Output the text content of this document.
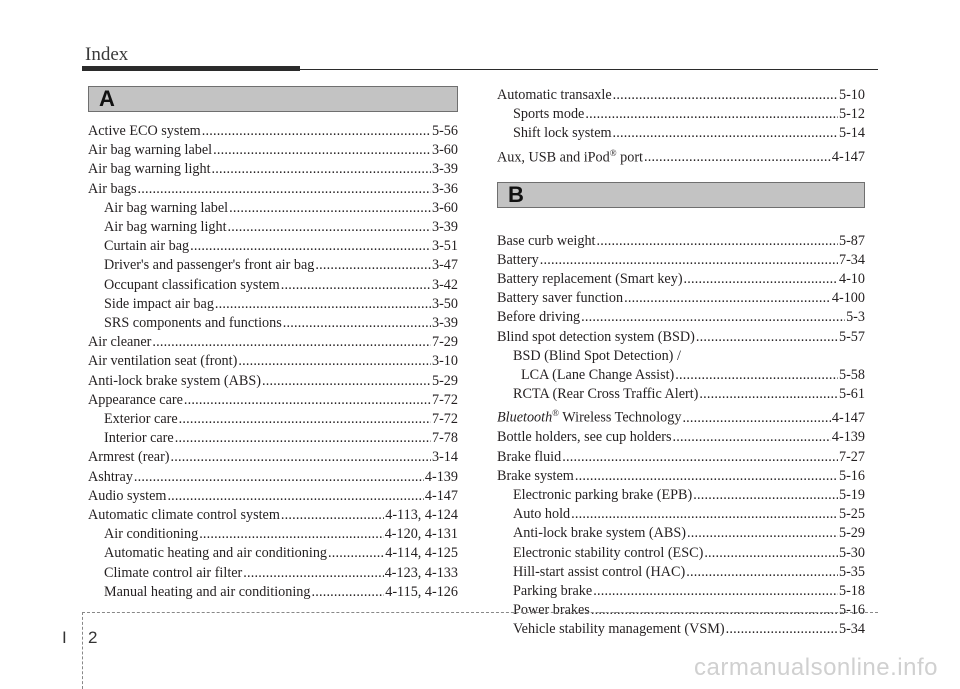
Index
A
Active ECO system .....	5-56
Air bag warning label .....	3-60
Air bag warning light .....	3-39
Air bags .....	3-36
Air bag warning label .....	3-60
Air bag warning light .....	3-39
Curtain air bag .....	3-51
Driver's and passenger's front air bag .....	3-47
Occupant classification system .....	3-42
Side impact air bag .....	3-50
SRS components and functions .....	3-39
Air cleaner .....	7-29
Air ventilation seat (front) .....	3-10
Anti-lock brake system (ABS) .....	5-29
Appearance care .....	7-72
Exterior care .....	7-72
Interior care .....	7-78
Armrest (rear) .....	3-14
Ashtray .....	4-139
Audio system .....	4-147
Automatic climate control system .....	4-113, 4-124
Air conditioning .....	4-120, 4-131
Automatic heating and air conditioning .....	4-114, 4-125
Climate control air filter .....	4-123, 4-133
Manual heating and air conditioning .....	4-115, 4-126
Automatic transaxle .....	5-10
Sports mode .....	5-12
Shift lock system .....	5-14
Aux, USB and iPod® port .....	4-147
B
Base curb weight .....	5-87
Battery .....	7-34
Battery replacement (Smart key) .....	4-10
Battery saver function .....	4-100
Before driving .....	5-3
Blind spot detection system (BSD) .....	5-57
BSD (Blind Spot Detection) /
LCA (Lane Change Assist) .....	5-58
RCTA (Rear Cross Traffic Alert) .....	5-61
Bluetooth® Wireless Technology .....	4-147
Bottle holders, see cup holders .....	4-139
Brake fluid .....	7-27
Brake system .....	5-16
Electronic parking brake (EPB) .....	5-19
Auto hold .....	5-25
Anti-lock brake system (ABS) .....	5-29
Electronic stability control (ESC) .....	5-30
Hill-start assist control (HAC) .....	5-35
Parking brake .....	5-18
Power brakes .....	5-16
Vehicle stability management (VSM) .....	5-34
I 2
carmanualsonline.info
